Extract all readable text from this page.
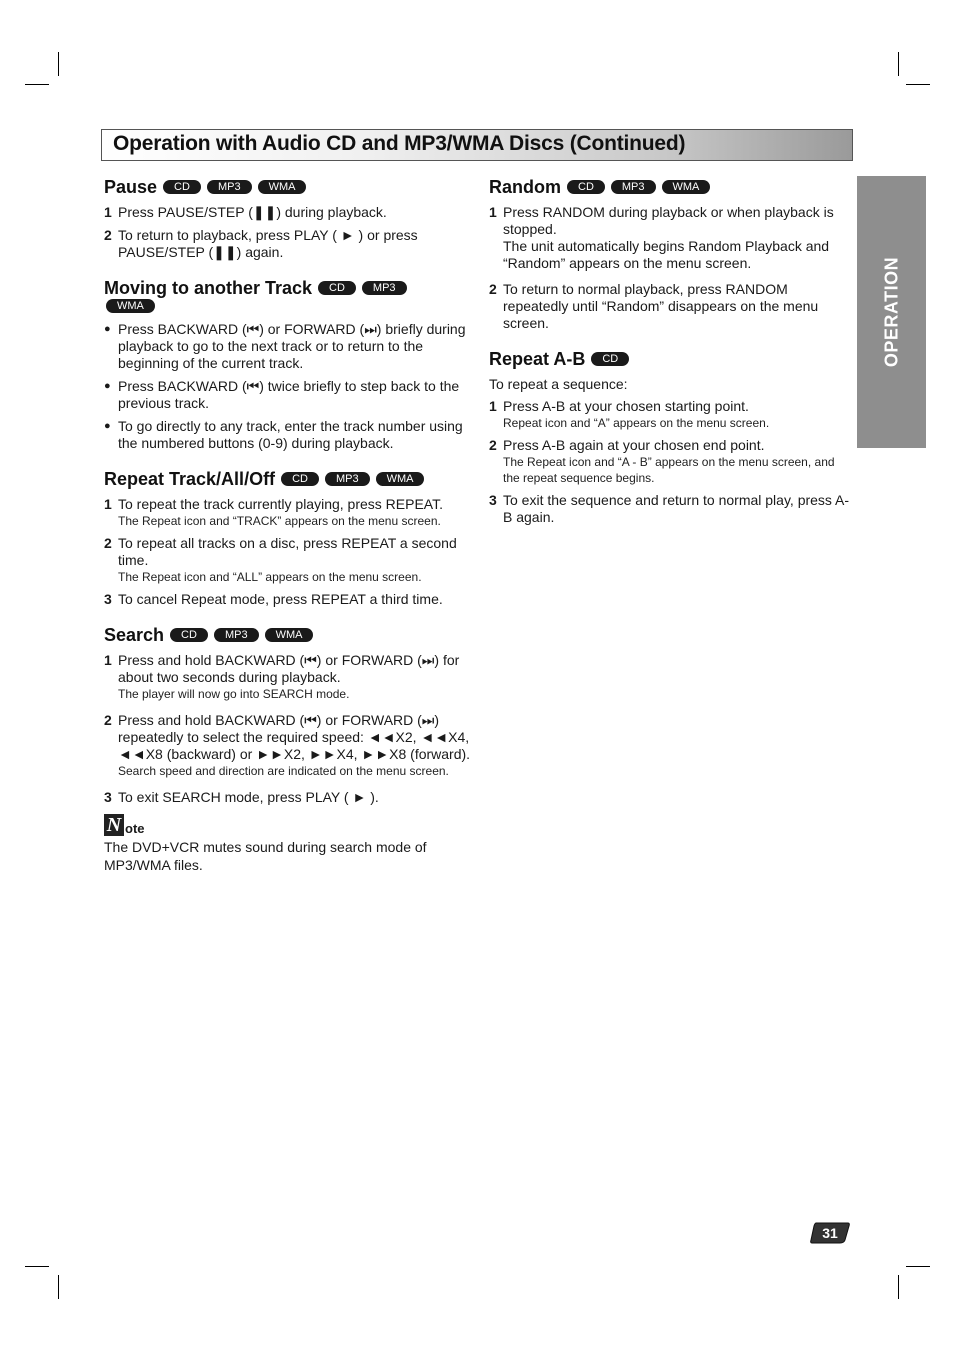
Operation with Audio CD and MP3/WMA Discs (Continued)
OPERATION
Pause CD	MP3	WMA
1 Press PAUSE/STEP (❚❚) during playback.
2 To return to playback, press PLAY ( ► ) or press PAUSE/STEP (❚❚) again.
Moving to another Track CD	MP3
WMA
● Press BACKWARD (⏮) or FORWARD (⏭) briefly during playback to go to the next track or to return to the beginning of the current track.
● Press BACKWARD (⏮) twice briefly to step back to the previous track.
● To go directly to any track, enter the track number using the numbered buttons (0-9) during playback.
Repeat Track/All/Off CD	MP3	WMA
1 To repeat the track currently playing, press REPEAT.
The Repeat icon and “TRACK” appears on the menu screen.
2 To repeat all tracks on a disc, press REPEAT a second time.
The Repeat icon and “ALL” appears on the menu screen.
3 To cancel Repeat mode, press REPEAT a third time.
Search CD	MP3	WMA
1 Press and hold BACKWARD (⏮) or FORWARD (⏭) for about two seconds during playback.
The player will now go into SEARCH mode.
2 Press and hold BACKWARD (⏮) or FORWARD (⏭) repeatedly to select the required speed: ◄◄X2, ◄◄X4, ◄◄X8 (backward) or ►►X2, ►►X4, ►►X8 (forward).
Search speed and direction are indicated on the menu screen.
3 To exit SEARCH mode, press PLAY ( ► ).
N ote
The DVD+VCR mutes sound during search mode of MP3/WMA files.
Random CD	MP3	WMA
1 Press RANDOM during playback or when playback is stopped.
The unit automatically begins Random Playback and “Random” appears on the menu screen.
2 To return to normal playback, press RANDOM repeatedly until “Random” disappears on the menu screen.
Repeat A-B CD

To repeat a sequence:

1 Press A-B at your chosen starting point.
Repeat icon and “A” appears on the menu screen.
2 Press A-B again at your chosen end point.
The Repeat icon and “A - B” appears on the menu screen, and the repeat sequence begins.
3 To exit the sequence and return to normal play, press A-B again.
31
